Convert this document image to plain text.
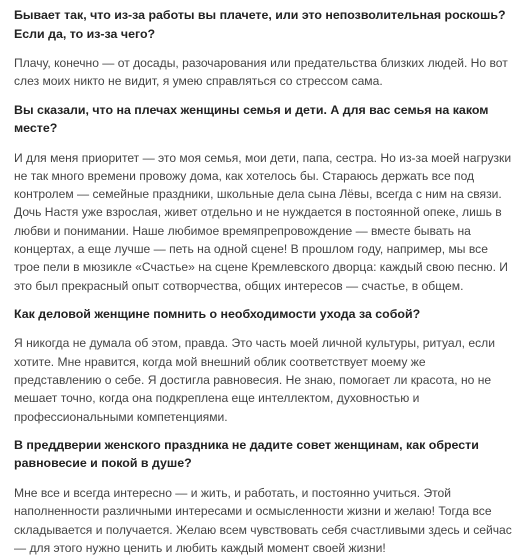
Бывает так, что из-за работы вы плачете, или это непозволительная роскошь? Если да, то из-за чего?

Плачу, конечно — от досады, разочарования или предательства близких людей. Но вот слез моих никто не видит, я умею справляться со стрессом сама.

Вы сказали, что на плечах женщины семья и дети. А для вас семья на каком месте?

И для меня приоритет — это моя семья, мои дети, папа, сестра. Но из-за моей нагрузки не так много времени провожу дома, как хотелось бы. Стараюсь держать все под контролем — семейные праздники, школьные дела сына Лёвы, всегда с ним на связи. Дочь Настя уже взрослая, живет отдельно и не нуждается в постоянной опеке, лишь в любви и понимании. Наше любимое времяпрепровождение — вместе бывать на концертах, а еще лучше — петь на одной сцене! В прошлом году, например, мы все трое пели в мюзикле «Счастье» на сцене Кремлевского дворца: каждый свою песню. И это был прекрасный опыт сотворчества, общих интересов — счастье, в общем.

Как деловой женщине помнить о необходимости ухода за собой?

Я никогда не думала об этом, правда. Это часть моей личной культуры, ритуал, если хотите. Мне нравится, когда мой внешний облик соответствует моему же представлению о себе. Я достигла равновесия. Не знаю, помогает ли красота, но не мешает точно, когда она подкреплена еще интеллектом, духовностью и профессиональными компетенциями.

В преддверии женского праздника не дадите совет женщинам, как обрести равновесие и покой в душе?

Мне все и всегда интересно — и жить, и работать, и постоянно учиться. Этой наполненности различными интересами и осмысленности жизни и желаю! Тогда все складывается и получается. Желаю всем чувствовать себя счастливыми здесь и сейчас — для этого нужно ценить и любить каждый момент своей жизни!
